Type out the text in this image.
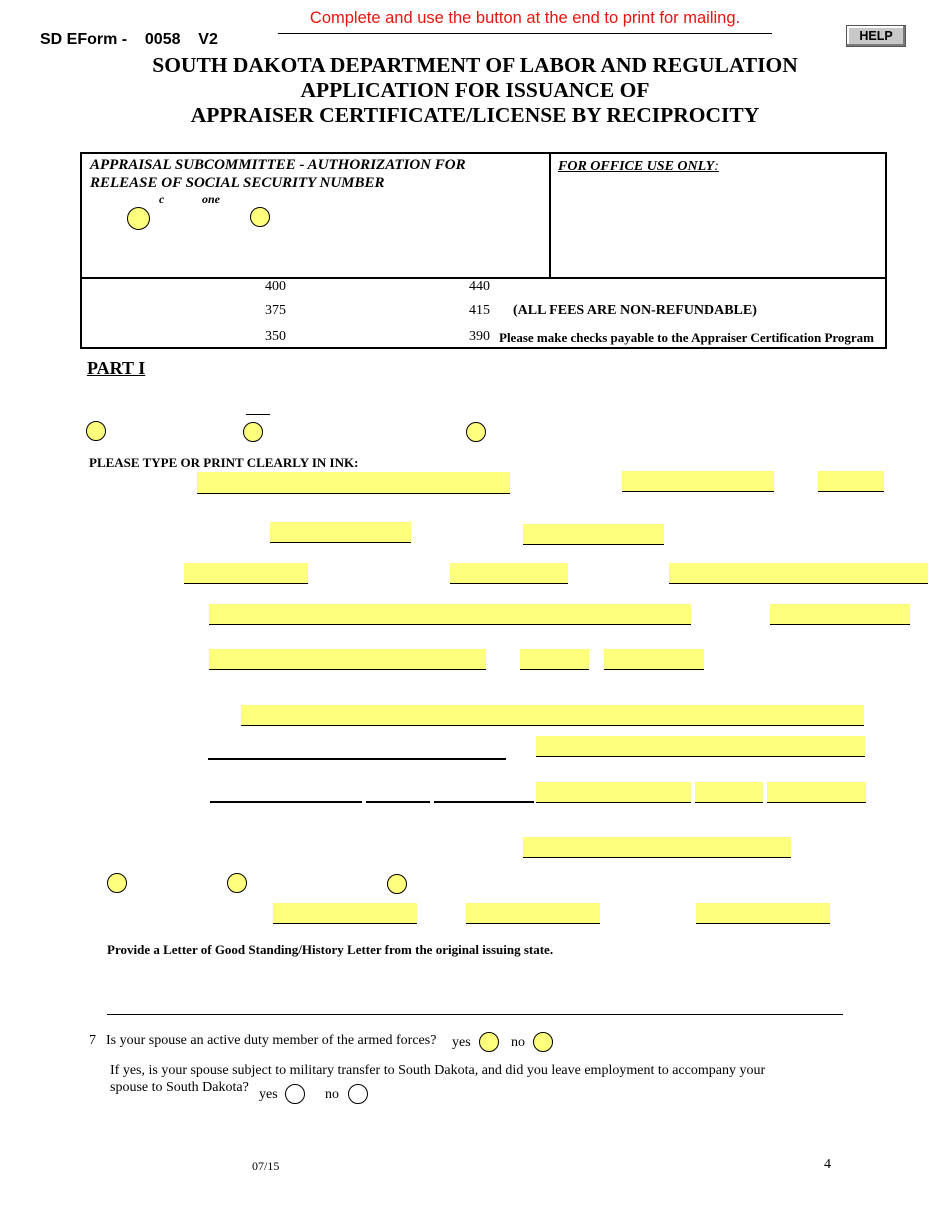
Complete and use the button at the end to print for mailing.
SD EForm -    0058    V2	HELP
SOUTH DAKOTA DEPARTMENT OF LABOR AND REGULATION
APPLICATION FOR ISSUANCE OF
APPRAISER CERTIFICATE/LICENSE BY RECIPROCITY
APPRAISAL SUBCOMMITTEE - AUTHORIZATION FOR
RELEASE OF SOCIAL SECURITY NUMBER
c	one
FOR OFFICE USE ONLY:
400	440
375	415 (ALL FEES ARE NON-REFUNDABLE)
350	390 Please make checks payable to the Appraiser Certification Program
PART I
PLEASE TYPE OR PRINT CLEARLY IN INK:
Provide a Letter of Good Standing/History Letter from the original issuing state.
7 Is your spouse an active duty member of the armed forces? yes	no
If yes, is your spouse subject to military transfer to South Dakota, and did you leave employment to accompany your
spouse to South Dakota? yes	no
07/15	4
